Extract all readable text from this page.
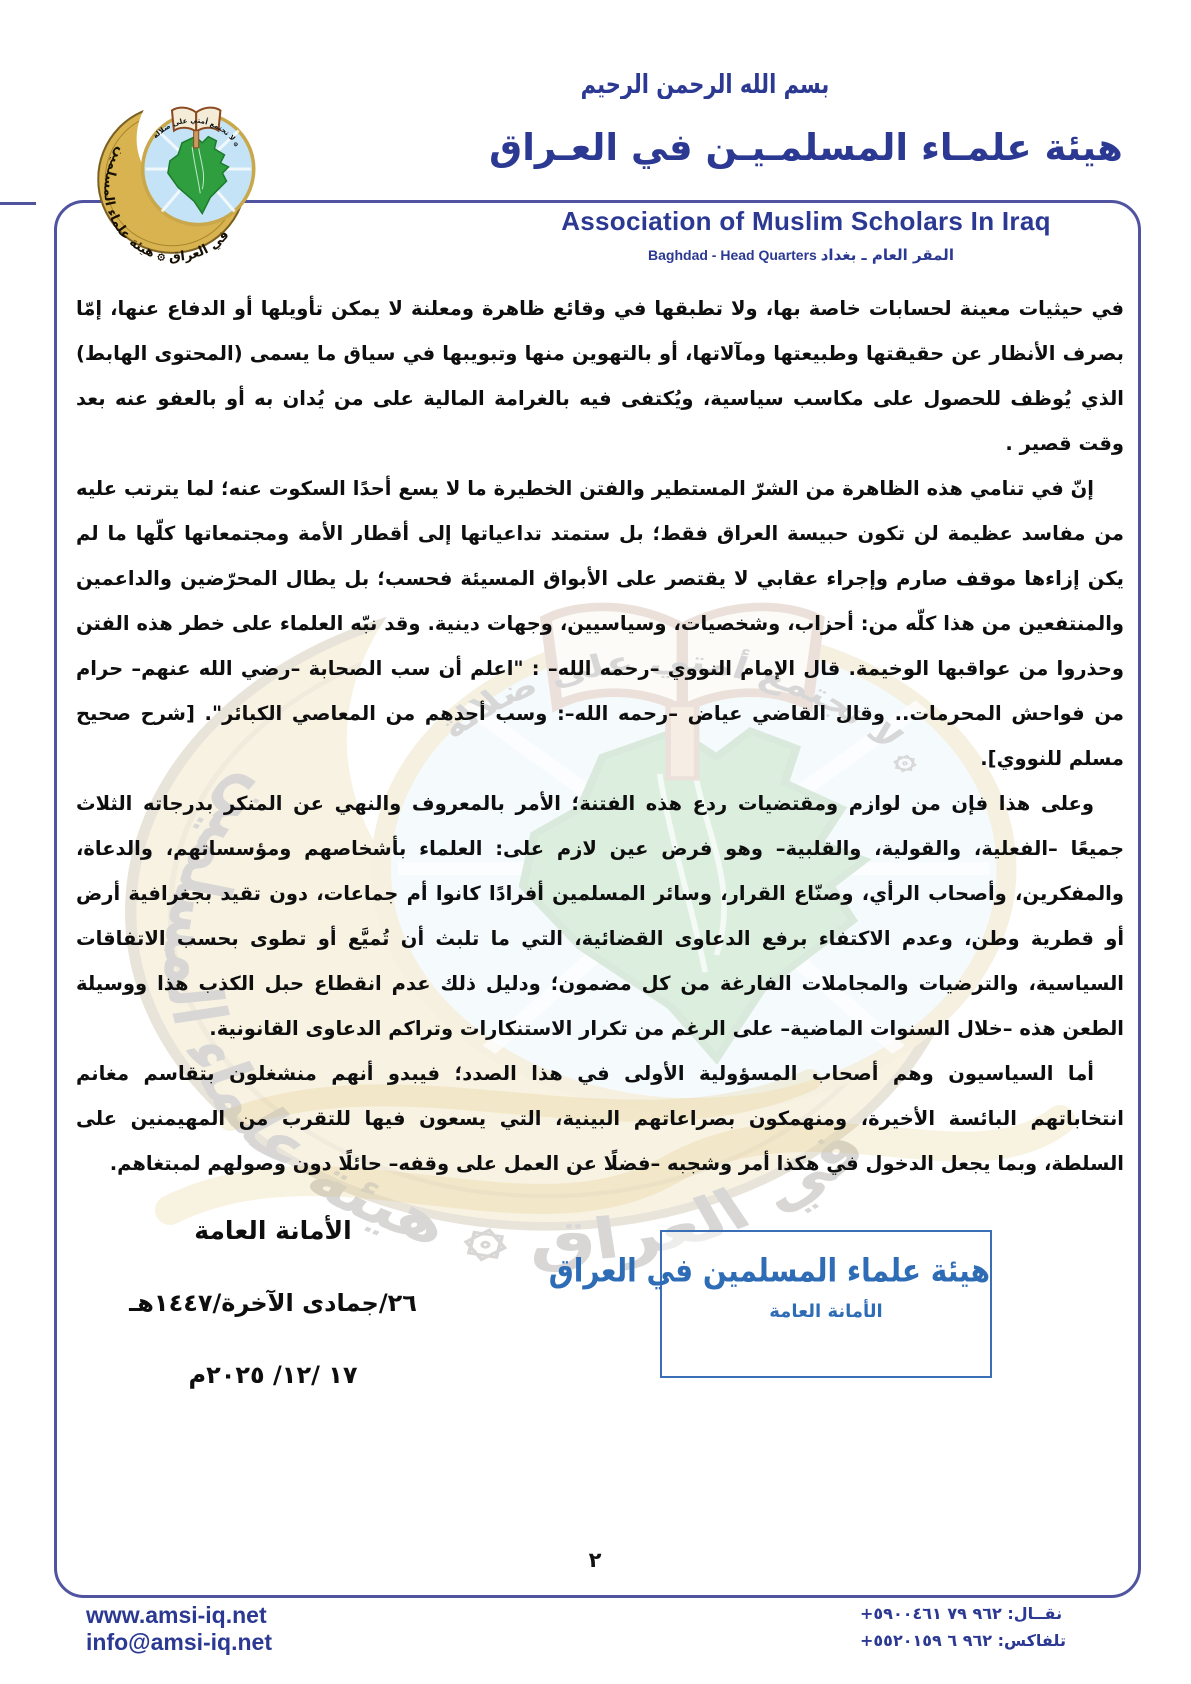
بسم الله الرحمن الرحيم
هيئة علمـاء المسلمـيـن في العـراق
Association of Muslim Scholars In Iraq
Baghdad - Head Quarters المقر العام ـ بغداد

في حيثيات معينة لحسابات خاصة بها، ولا تطبقها في وقائع ظاهرة ومعلنة لا يمكن تأويلها أو الدفاع عنها، إمّا بصرف الأنظار عن حقيقتها وطبيعتها ومآلاتها، أو بالتهوين منها وتبويبها في سياق ما يسمى (المحتوى الهابط) الذي يُوظف للحصول على مكاسب سياسية، ويُكتفى فيه بالغرامة المالية على من يُدان به أو بالعفو عنه بعد وقت قصير .

إنّ في تنامي هذه الظاهرة من الشرّ المستطير والفتن الخطيرة ما لا يسع أحدًا السكوت عنه؛ لما يترتب عليه من مفاسد عظيمة لن تكون حبيسة العراق فقط؛ بل ستمتد تداعياتها إلى أقطار الأمة ومجتمعاتها كلّها ما لم يكن إزاءها موقف صارم وإجراء عقابي لا يقتصر على الأبواق المسيئة فحسب؛ بل يطال المحرّضين والداعمين والمنتفعين من هذا كلّه من: أحزاب، وشخصيات، وسياسيين، وجهات دينية. وقد نبّه العلماء على خطر هذه الفتن وحذروا من عواقبها الوخيمة. قال الإمام النووي –رحمه الله– : "اعلم أن سب الصحابة –رضي الله عنهم– حرام من فواحش المحرمات.. وقال القاضي عياض –رحمه الله–: وسب أحدهم من المعاصي الكبائر". [شرح صحيح مسلم للنووي].

وعلى هذا فإن من لوازم ومقتضيات ردع هذه الفتنة؛ الأمر بالمعروف والنهي عن المنكر بدرجاته الثلاث جميعًا –الفعلية، والقولية، والقلبية– وهو فرض عين لازم على: العلماء بأشخاصهم ومؤسساتهم، والدعاة، والمفكرين، وأصحاب الرأي، وصنّاع القرار، وسائر المسلمين أفرادًا كانوا أم جماعات، دون تقيد بجغرافية أرض أو قطرية وطن، وعدم الاكتفاء برفع الدعاوى القضائية، التي ما تلبث أن تُميَّع أو تطوى بحسب الاتفاقات السياسية، والترضيات والمجاملات الفارغة من كل مضمون؛ ودليل ذلك عدم انقطاع حبل الكذب هذا ووسيلة الطعن هذه –خلال السنوات الماضية– على الرغم من تكرار الاستنكارات وتراكم الدعاوى القانونية.

أما السياسيون وهم أصحاب المسؤولية الأولى في هذا الصدد؛ فيبدو أنهم منشغلون بتقاسم مغانم انتخاباتهم البائسة الأخيرة، ومنهمكون بصراعاتهم البينية، التي يسعون فيها للتقرب من المهيمنين على السلطة، وبما يجعل الدخول في هكذا أمر وشجبه –فضلًا عن العمل على وقفه– حائلًا دون وصولهم لمبتغاهم.

الأمانة العامة
٢٦/جمادى الآخرة/١٤٤٧هـ
١٧ /١٢/ ٢٠٢٥م
هيئة علماء المسلمين في العراق
الأمانة العامة
٢
www.amsi-iq.net
info@amsi-iq.net
نقــال: +٩٦٢ ٧٩ ٥٩٠٠٤٦١
تلفاكس: +٩٦٢ ٦ ٥٥٢٠١٥٩
